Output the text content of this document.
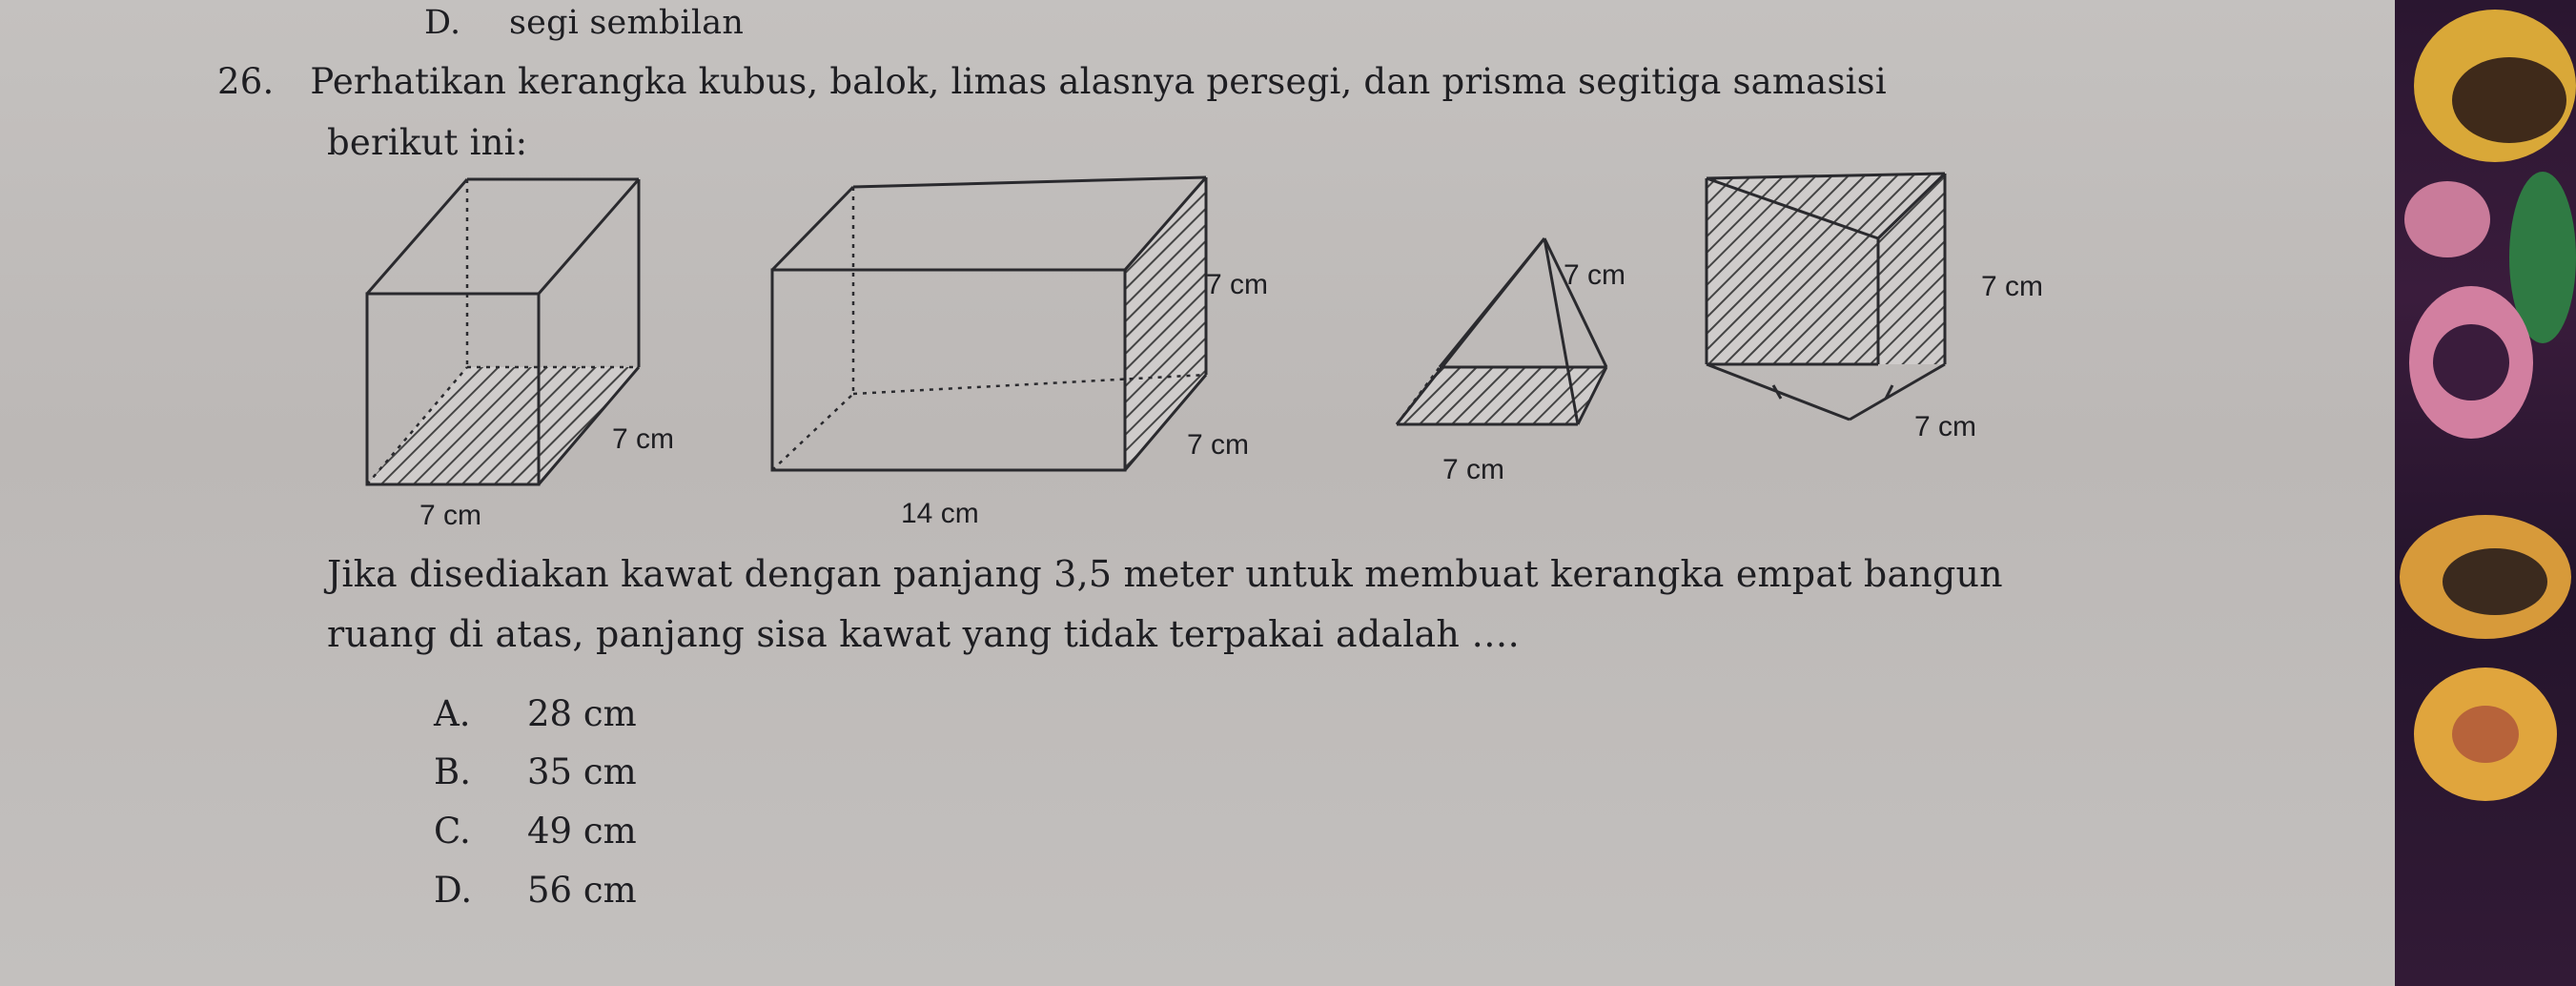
D. segi sembilan
26. Perhatikan kerangka kubus, balok, limas alasnya persegi, dan prisma segitiga samasisi
berikut ini:
7 cm
7 cm
7 cm
7 cm
14 cm
7 cm
7 cm
7 cm
7 cm
Jika disediakan kawat dengan panjang 3,5 meter untuk membuat kerangka empat bangun
ruang di atas, panjang sisa kawat yang tidak terpakai adalah ….
A. 28 cm
B. 35 cm
C. 49 cm
D. 56 cm
